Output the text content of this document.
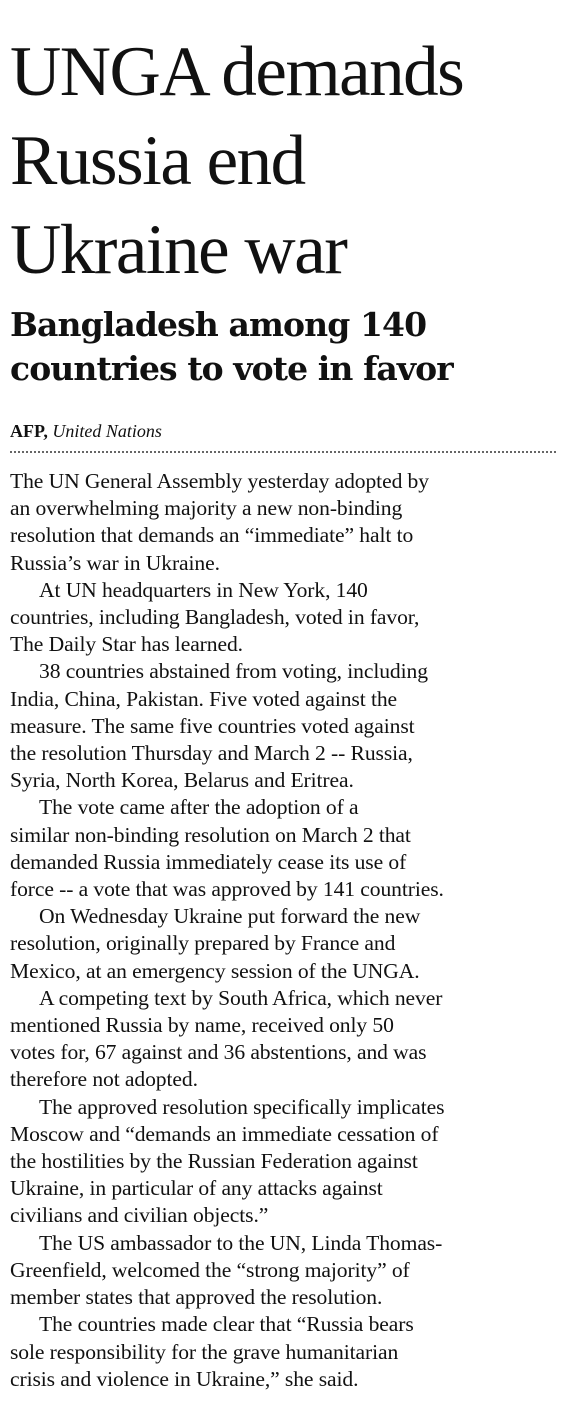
UNGA demands
Russia end
Ukraine war
Bangladesh among 140
countries to vote in favor
AFP, United Nations

The UN General Assembly yesterday adopted by
an overwhelming majority a new non-binding
resolution that demands an “immediate” halt to
Russia’s war in Ukraine.

At UN headquarters in New York, 140
countries, including Bangladesh, voted in favor,
The Daily Star has learned.

38 countries abstained from voting, including
India, China, Pakistan. Five voted against the
measure. The same five countries voted against
the resolution Thursday and March 2 -- Russia,
Syria, North Korea, Belarus and Eritrea.

The vote came after the adoption of a
similar non-binding resolution on March 2 that
demanded Russia immediately cease its use of
force -- a vote that was approved by 141 countries.

On Wednesday Ukraine put forward the new
resolution, originally prepared by France and
Mexico, at an emergency session of the UNGA.

A competing text by South Africa, which never
mentioned Russia by name, received only 50
votes for, 67 against and 36 abstentions, and was
therefore not adopted.

The approved resolution specifically implicates
Moscow and “demands an immediate cessation of
the hostilities by the Russian Federation against
Ukraine, in particular of any attacks against
civilians and civilian objects.”

The US ambassador to the UN, Linda Thomas-
Greenfield, welcomed the “strong majority” of
member states that approved the resolution.

The countries made clear that “Russia bears
sole responsibility for the grave humanitarian
crisis and violence in Ukraine,” she said.
